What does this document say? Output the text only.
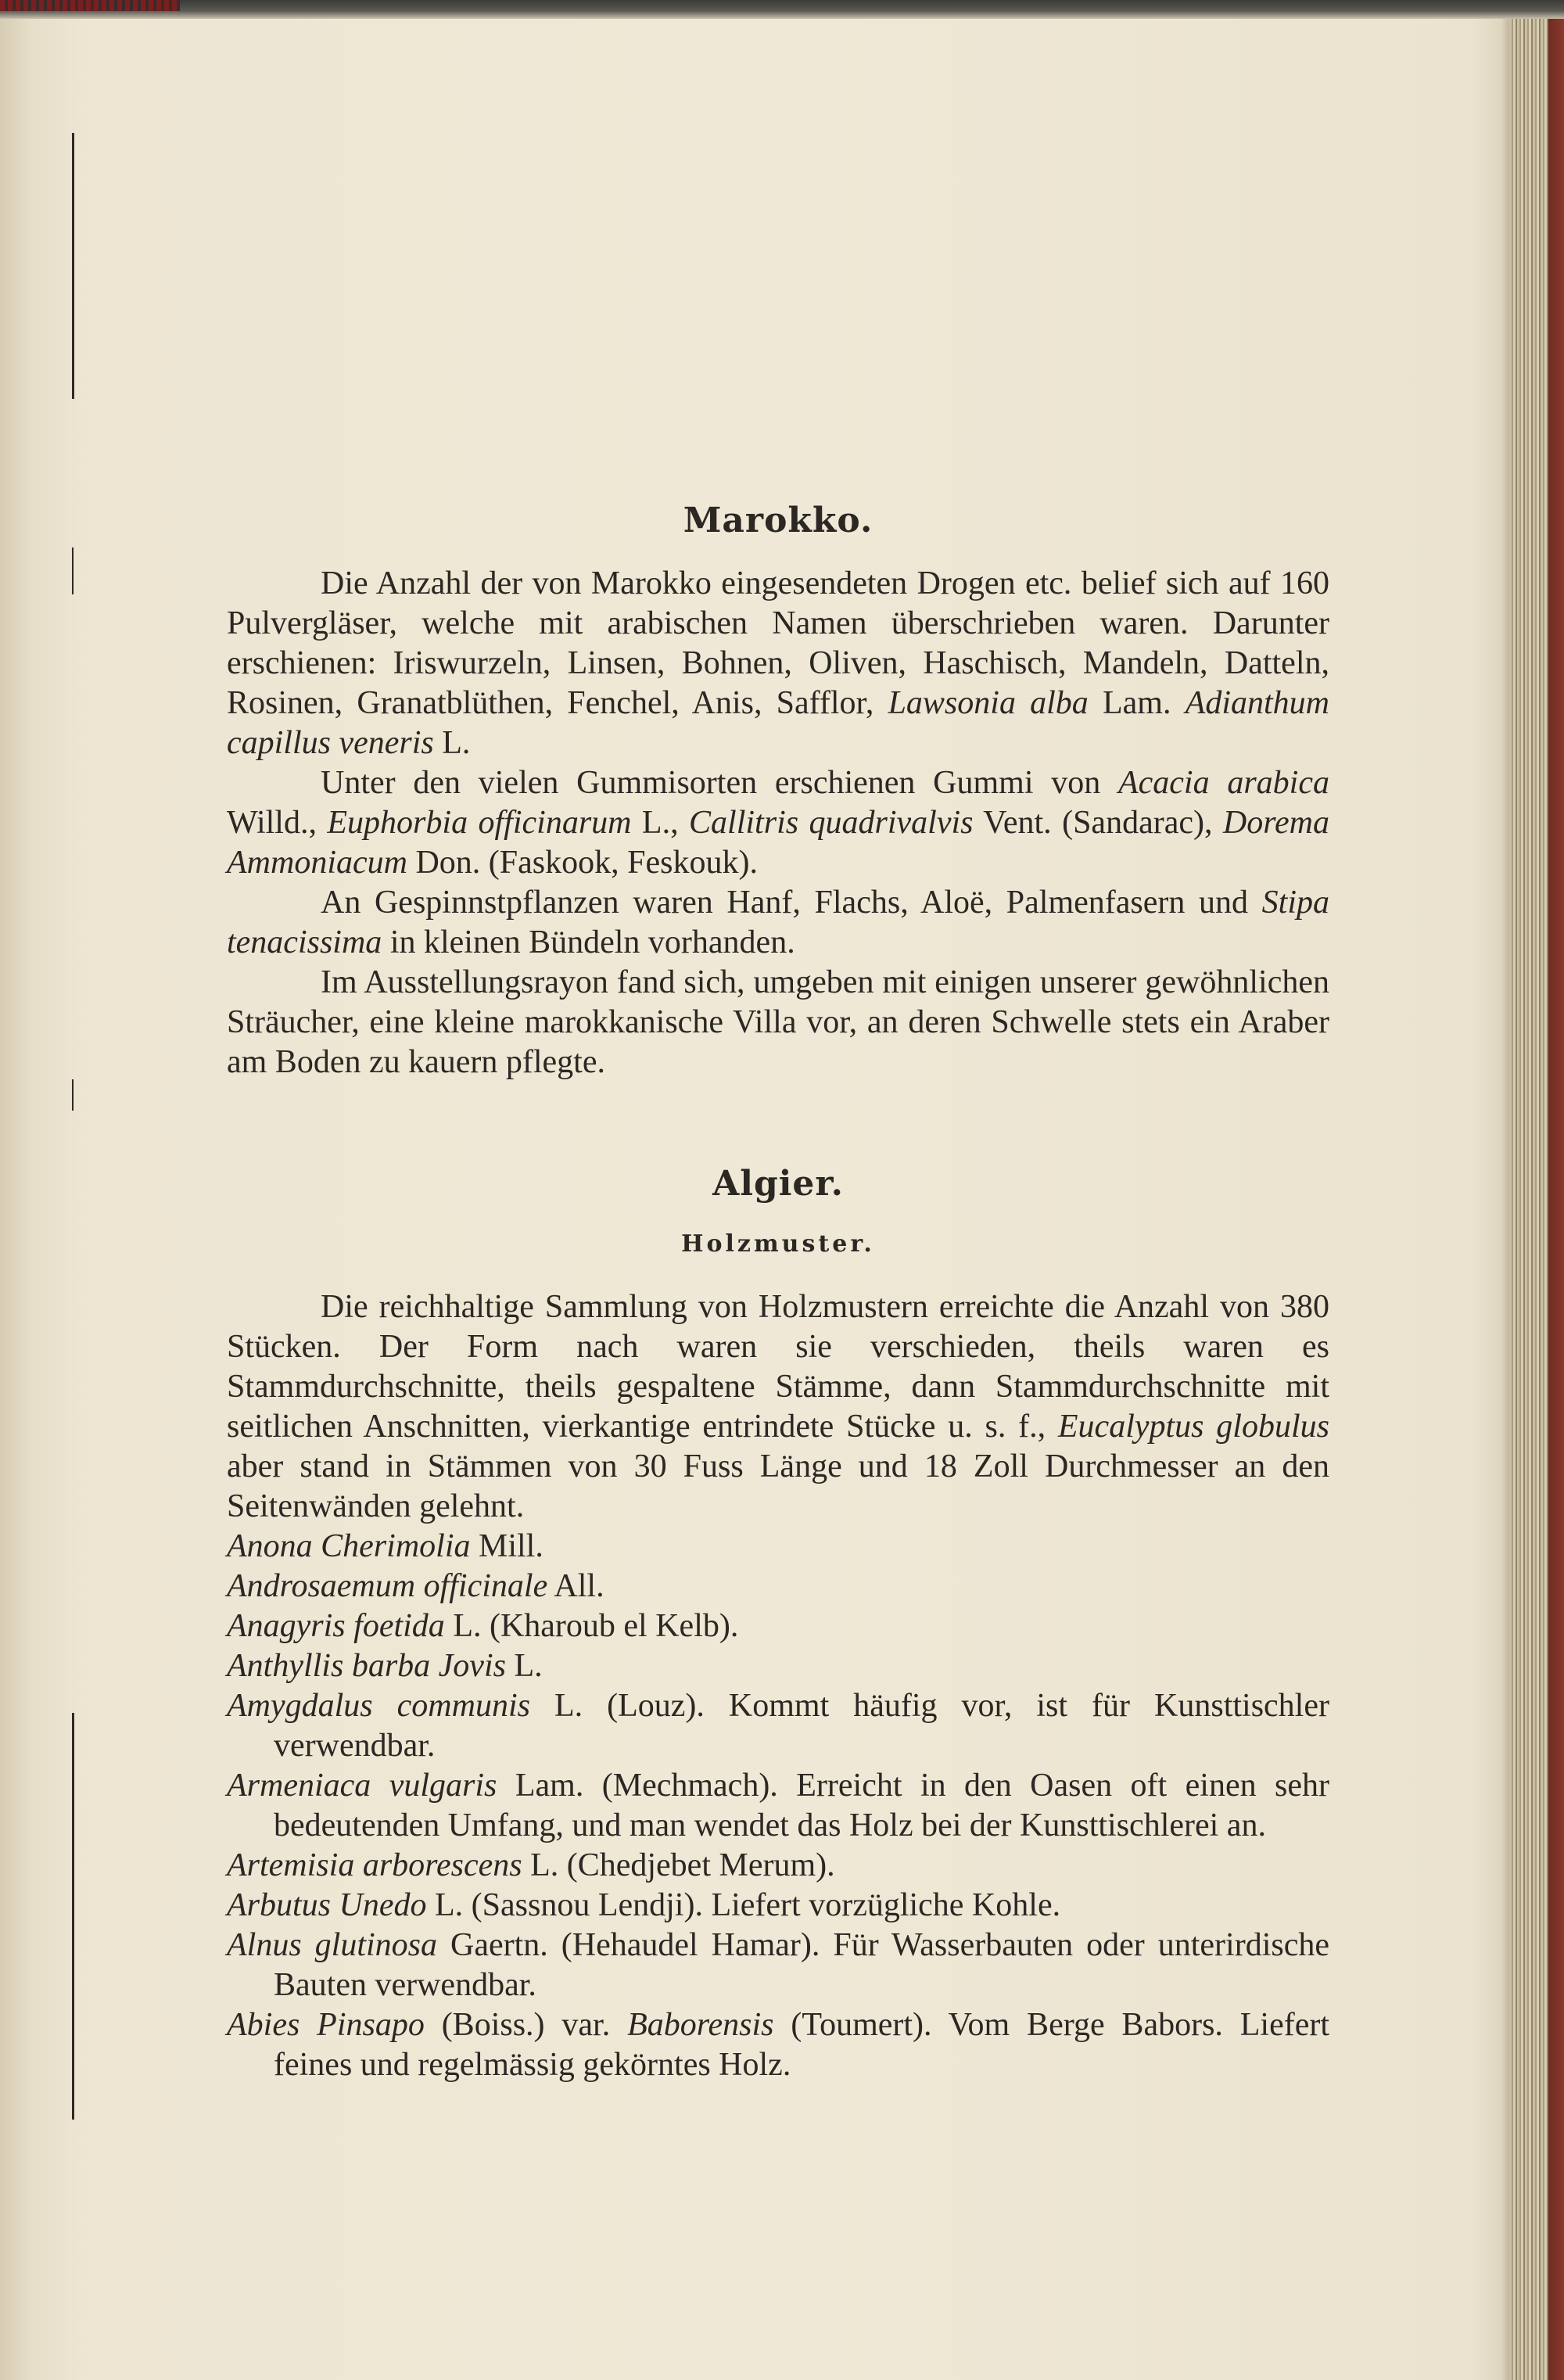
Marokko.

Die Anzahl der von Marokko eingesendeten Drogen etc. belief sich auf 160 Pulvergläser, welche mit arabischen Namen überschrieben waren. Darunter erschienen: Iriswurzeln, Linsen, Bohnen, Oliven, Haschisch, Mandeln, Datteln, Rosinen, Granatblüthen, Fenchel, Anis, Safflor, Lawsonia alba Lam. Adianthum capillus veneris L.

Unter den vielen Gummisorten erschienen Gummi von Acacia arabica Willd., Euphorbia officinarum L., Callitris quadrivalvis Vent. (Sandarac), Dorema Ammoniacum Don. (Faskook, Feskouk).

An Gespinnstpflanzen waren Hanf, Flachs, Aloë, Palmenfasern und Stipa tenacissima in kleinen Bündeln vorhanden.

Im Ausstellungsrayon fand sich, umgeben mit einigen unserer gewöhnlichen Sträucher, eine kleine marokkanische Villa vor, an deren Schwelle stets ein Araber am Boden zu kauern pflegte.

Algier.
Holzmuster.

Die reichhaltige Sammlung von Holzmustern erreichte die Anzahl von 380 Stücken. Der Form nach waren sie verschieden, theils waren es Stammdurchschnitte, theils gespaltene Stämme, dann Stammdurchschnitte mit seitlichen Anschnitten, vierkantige entrindete Stücke u. s. f., Eucalyptus globulus aber stand in Stämmen von 30 Fuss Länge und 18 Zoll Durchmesser an den Seitenwänden gelehnt.

Anona Cherimolia Mill.
Androsaemum officinale All.
Anagyris foetida L. (Kharoub el Kelb).
Anthyllis barba Jovis L.
Amygdalus communis L. (Louz). Kommt häufig vor, ist für Kunsttischler verwendbar.
Armeniaca vulgaris Lam. (Mechmach). Erreicht in den Oasen oft einen sehr bedeutenden Umfang, und man wendet das Holz bei der Kunsttischlerei an.
Artemisia arborescens L. (Chedjebet Merum).
Arbutus Unedo L. (Sassnou Lendji). Liefert vorzügliche Kohle.
Alnus glutinosa Gaertn. (Hehaudel Hamar). Für Wasserbauten oder unterirdische Bauten verwendbar.
Abies Pinsapo (Boiss.) var. Baborensis (Toumert). Vom Berge Babors. Liefert feines und regelmässig gekörntes Holz.
